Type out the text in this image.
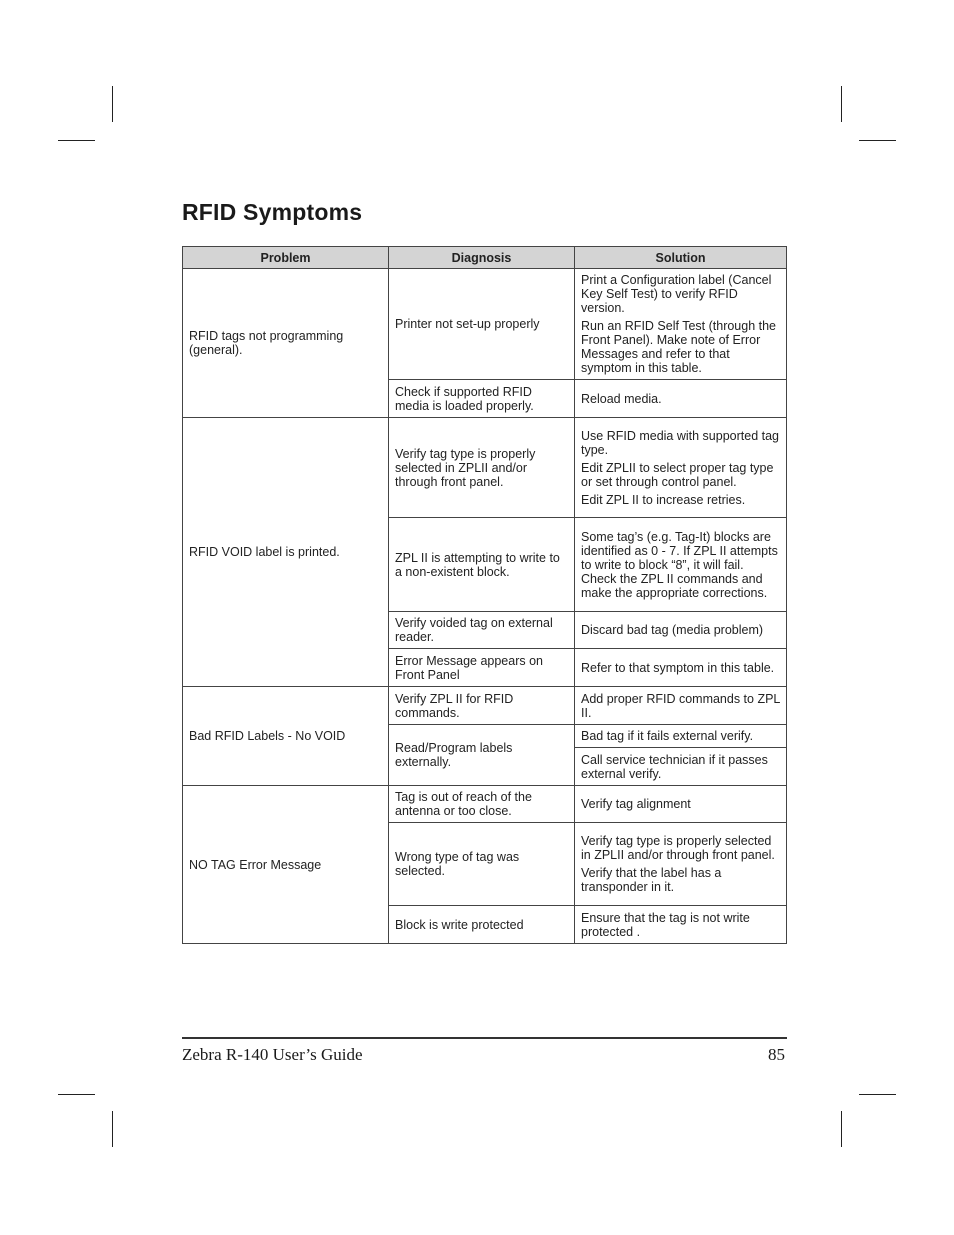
RFID Symptoms
Problem	Diagnosis	Solution
RFID tags not programming (general).	Printer not set-up properly	Print a Configuration label (Cancel Key Self Test) to verify RFID version.
Run an RFID Self Test (through the Front Panel). Make note of Error Messages and refer to that symptom in this table.

	Check if supported RFID media is loaded properly.	Reload media.

RFID VOID label is printed.	Verify tag type is properly selected in ZPLII and/or through front panel.	Use RFID media with supported tag type.
Edit ZPLII to select proper tag type or set through control panel.
Edit ZPL II to increase retries.

	ZPL II is attempting to write to a non-existent block.	Some tag’s (e.g. Tag-It) blocks are identified as 0 - 7. If ZPL II attempts to write to block “8”, it will fail. Check the ZPL II commands and make the appropriate corrections.

	Verify voided tag on external reader.	Discard bad tag (media problem)

	Error Message appears on Front Panel	Refer to that symptom in this table.

Bad RFID Labels - No VOID	Verify ZPL II for RFID commands.	Add proper RFID commands to ZPL II.

	Read/Program labels externally.	Bad tag if it fails external verify.

		Call service technician if it passes external verify.

NO TAG Error Message	Tag is out of reach of the antenna or too close.	Verify tag alignment

	Wrong type of tag was selected.	Verify tag type is properly selected in ZPLII and/or through front panel.
Verify that the label has a transponder in it.

	Block is write protected	Ensure that the tag is not write protected .
Zebra R-140 User’s Guide	85
